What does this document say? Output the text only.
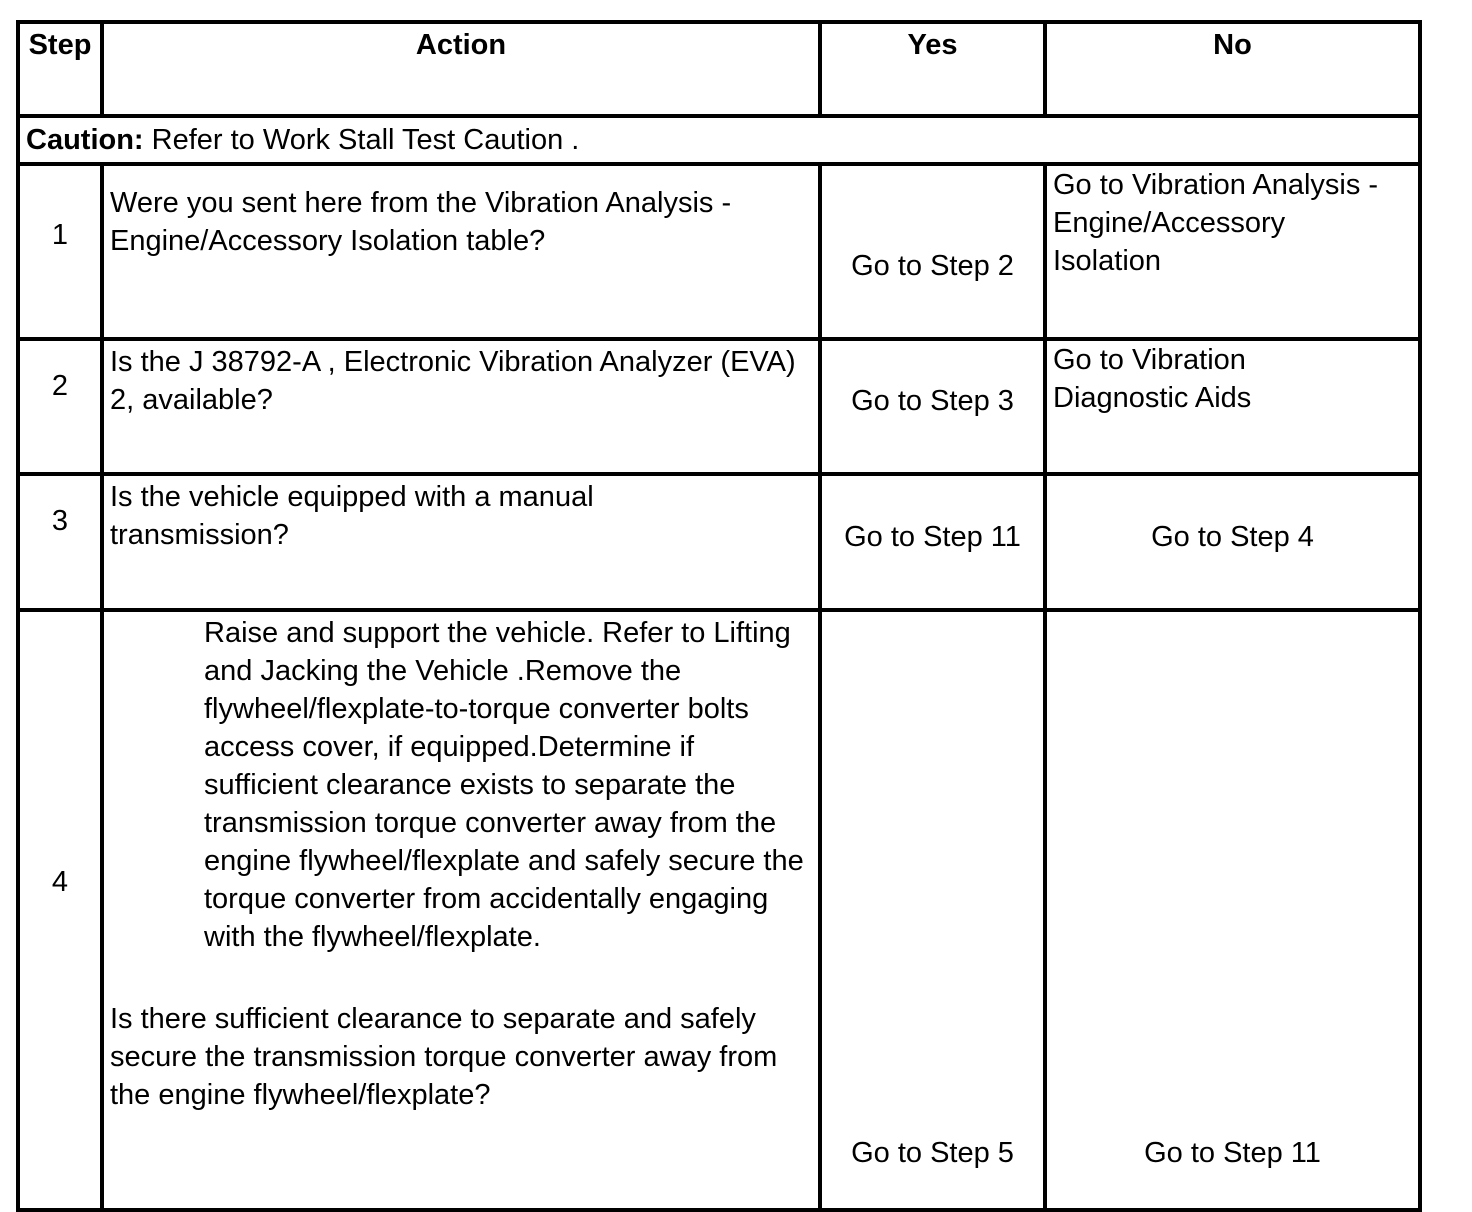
Step	Action	Yes	No
Caution: Refer to Work Stall Test Caution .			
1	Were you sent here from the Vibration Analysis - Engine/Accessory Isolation table?	Go to Step 2	Go to Vibration Analysis -
Engine/Accessory
Isolation

2	Is the J 38792-A , Electronic Vibration Analyzer (EVA) 2, available?	Go to Step 3	Go to Vibration
Diagnostic Aids

3	Is the vehicle equipped with a manual
transmission?	Go to Step 11	Go to Step 4
4	Raise and support the vehicle. Refer to Lifting and Jacking the Vehicle .Remove the flywheel/flexplate-to-torque converter bolts access cover, if equipped.Determine if sufficient clearance exists to separate the transmission torque converter away from the engine flywheel/flexplate and safely secure the torque converter from accidentally engaging with the flywheel/flexplate.
Is there sufficient clearance to separate and safely secure the transmission torque converter away from the engine flywheel/flexplate?	Go to Step 5	Go to Step 11
